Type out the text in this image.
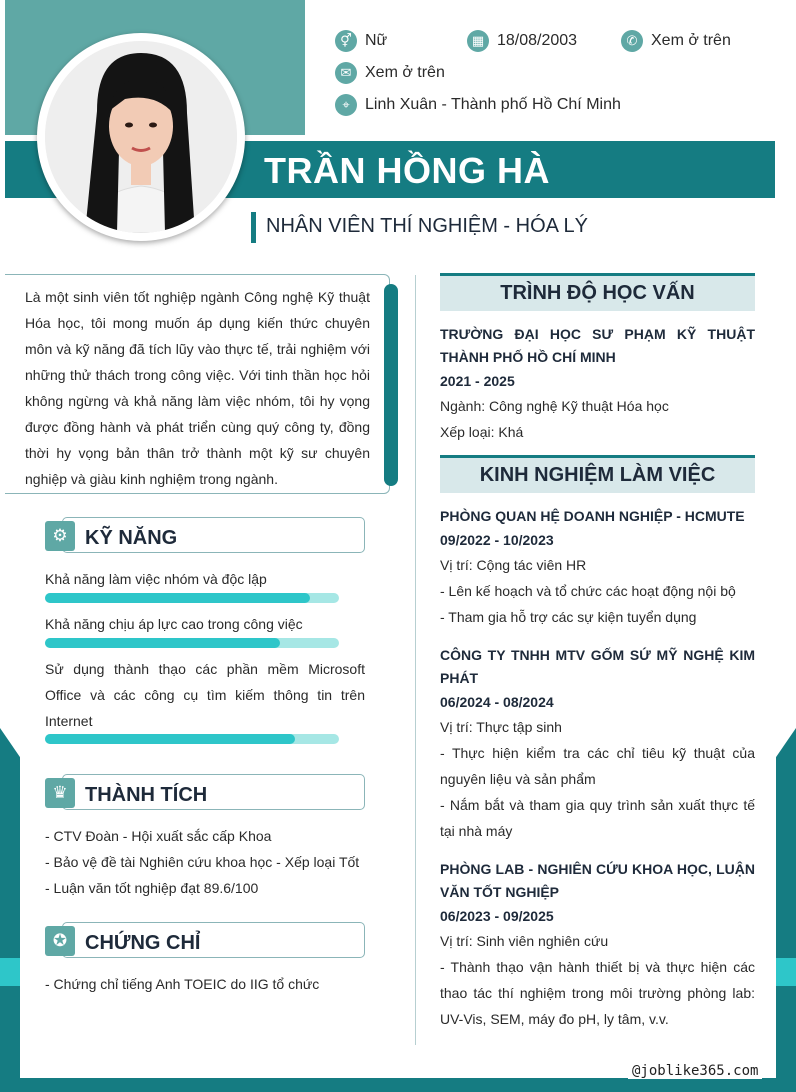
⚥ Nữ	▦ 18/08/2003	✆ Xem ở trên
✉ Xem ở trên
⌖ Linh Xuân - Thành phố Hồ Chí Minh
TRẦN HỒNG HÀ
NHÂN VIÊN THÍ NGHIỆM - HÓA LÝ
Là một sinh viên tốt nghiệp ngành Công nghệ Kỹ thuật Hóa học, tôi mong muốn áp dụng kiến thức chuyên môn và kỹ năng đã tích lũy vào thực tế, trải nghiệm với những thử thách trong công việc. Với tinh thần học hỏi không ngừng và khả năng làm việc nhóm, tôi hy vọng được đồng hành và phát triển cùng quý công ty, đồng thời hy vọng bản thân trở thành một kỹ sư chuyên nghiệp và giàu kinh nghiệm trong ngành.
⚙ KỸ NĂNG
Khả năng làm việc nhóm và độc lập
Khả năng chịu áp lực cao trong công việc
Sử dụng thành thạo các phần mềm Microsoft Office và các công cụ tìm kiếm thông tin trên Internet
♛ THÀNH TÍCH
- CTV Đoàn - Hội xuất sắc cấp Khoa
- Bảo vệ đề tài Nghiên cứu khoa học - Xếp loại Tốt
- Luận văn tốt nghiệp đạt 89.6/100
✪ CHỨNG CHỈ
- Chứng chỉ tiếng Anh TOEIC do IIG tổ chức
TRÌNH ĐỘ HỌC VẤN
TRƯỜNG ĐẠI HỌC SƯ PHẠM KỸ THUẬT THÀNH PHỐ HỒ CHÍ MINH
2021 - 2025
Ngành: Công nghệ Kỹ thuật Hóa học
Xếp loại: Khá
KINH NGHIỆM LÀM VIỆC
PHÒNG QUAN HỆ DOANH NGHIỆP - HCMUTE
09/2022 - 10/2023
Vị trí: Cộng tác viên HR
- Lên kế hoạch và tổ chức các hoạt động nội bộ
- Tham gia hỗ trợ các sự kiện tuyển dụng
CÔNG TY TNHH MTV GỐM SỨ MỸ NGHỆ KIM PHÁT
06/2024 - 08/2024
Vị trí: Thực tập sinh
- Thực hiện kiểm tra các chỉ tiêu kỹ thuật của nguyên liệu và sản phẩm
- Nắm bắt và tham gia quy trình sản xuất thực tế tại nhà máy
PHÒNG LAB - NGHIÊN CỨU KHOA HỌC, LUẬN VĂN TỐT NGHIỆP
06/2023 - 09/2025
Vị trí: Sinh viên nghiên cứu
- Thành thạo vận hành thiết bị và thực hiện các thao tác thí nghiệm trong môi trường phòng lab: UV-Vis, SEM, máy đo pH, ly tâm, v.v.
@joblike365.com
